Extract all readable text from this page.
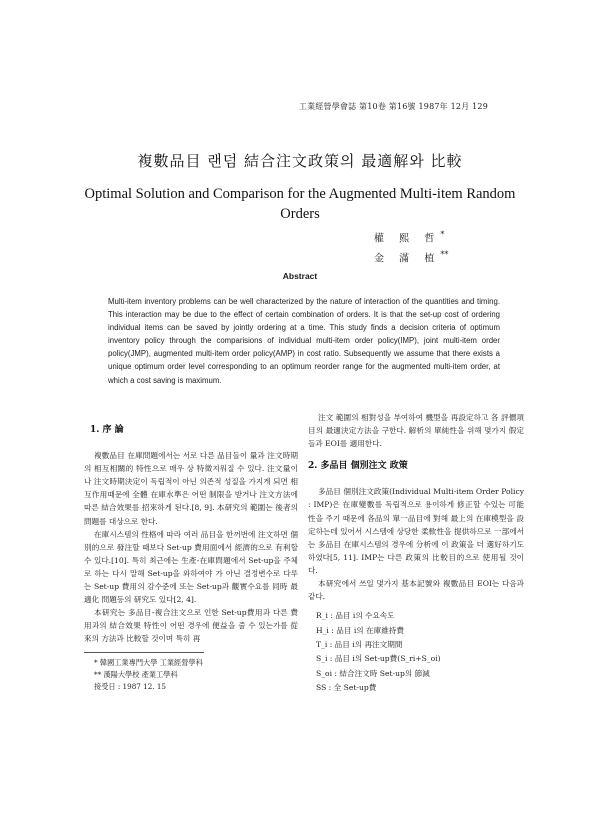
工業經營學會誌 第10卷 第16號 1987年 12月 129
複數品目 랜덤 結合注文政策의 最適解와 比較
Optimal Solution and Comparison for the Augmented Multi-item Random Orders
權 熙 哲*
金 滿 植**
Abstract
Multi-item inventory problems can be well characterized by the nature of interaction of the quantities and timing. This interaction may be due to the effect of certain combination of orders. It is that the set-up cost of ordering individual items can be saved by jointly ordering at a time. This study finds a decision criteria of optimum inventory policy through the comparisions of individual multi-item order policy(IMP), joint multi-item order policy(JMP), augmented multi-item order policy(AMP) in cost ratio. Subsequently we assume that there exists a unique optimum order level corresponding to an optimum reorder range for the augmented multi-item order, at which a cost saving is maximum.
1. 序 論

複數品目 在庫問題에서는 서로 다른 品目들이 量과 注文時期의 相互相關的 特性으로 매우 상 特徵지워질 수 있다. 注文量이나 注文時期決定이 독립적이 아닌 의존적 성질을 가지게 되면 相互作用때문에 全體 在庫水準은 어떤 制限을 받거나 注文方法에 따른 結合效果를 招來하게 된다.[8, 9]. 本研究의 範圍는 後者의 問題를 대상으로 한다.

在庫시스템의 性格에 따라 여러 品目을 한꺼번에 注文하면 個別的으로 發注할 때보다 Set-up 費用面에서 經濟的으로 有利할 수 있다.[10]. 특히 최근에는 生產-在庫問題에서 Set-up을 주체로 하는 다시 말해 Set-up을 와하여야 가 아닌 결정변수로 다루는 Set-up 費用의 감수준에 또는 Set-up과 觀實수요를 同時 最適化 問題등의 研究도 있다[2, 4].

本研究는 多品目-複合注文으로 인한 Set-up費用과 다른 費用과의 結合效果 特性이 어떤 경우에 便益을 줄 수 있는가를 從來의 方法과 比較할 것이며 특히 再

* 韓國工業專門大學 工業經營學科

** 漢陽大學校 產業工學科

接受日 : 1987 12. 15

注文 範圍의 相對성을 부여하여 機型을 再設定하고 各 評價項目의 最適決定方法을 구한다. 解析의 單純性을 위해 몇가지 假定들과 EOI를 適用한다.

2. 多品目 個別注文 政策

多品目 個別注文政策(Individual Multi-item Order Policy : IMP)은 在庫變數를 독립적으로 용이하게 修正할 수있는 可能性을 주기 때문에 各品의 單一品目에 對해 最上의 在庫模型을 設定하는데 있어서 시스템에 상당한 柔軟性을 提供하므로 一部에서는 多品目 在庫시스템의 경우에 分析에 이 政策을 더 選好하기도 하였다[5, 11]. IMP는 다른 政策의 比較目的으로 使用될 것이다.

本研究에서 쓰일 몇가지 基本記號와 複數品目 EOI는 다음과 같다.

R_i : 品目 i의 수요속도

H_i : 品目 i의 在庫維持費

T_i : 品目 i의 再注文期間

S_i : 品目 i의 Set-up費(S_ri+S_oi)

S_oi : 結合注文時 Set-up의 節減

SS : 全 Set-up費
